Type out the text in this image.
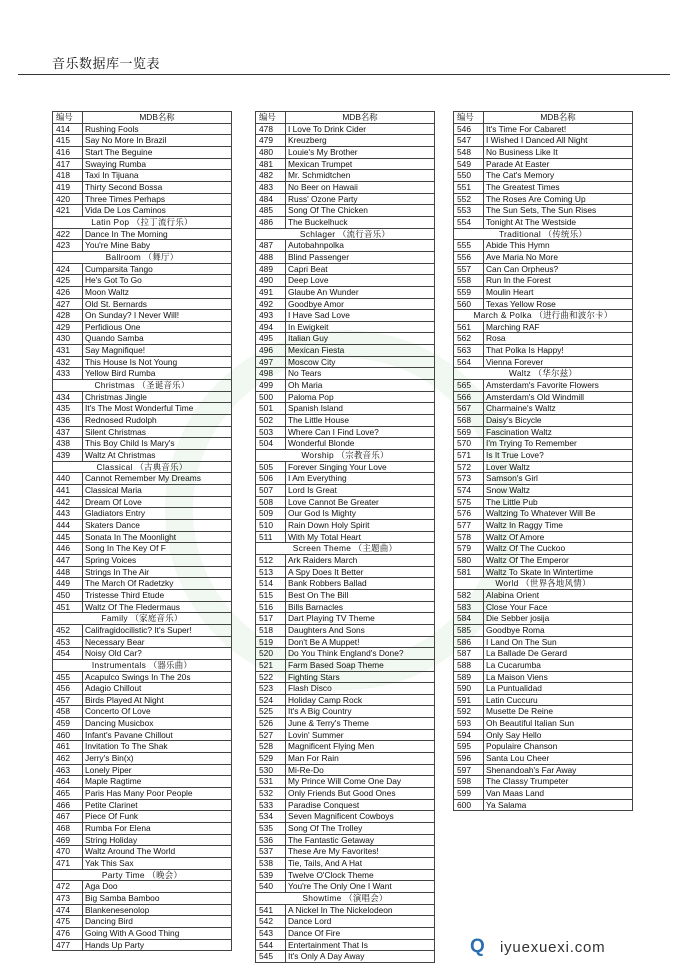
音乐数据库一览表
编号	MDB名称
414	Rushing Fools
415	Say No More In Brazil
416	Start The Beguine
417	Swaying Rumba
418	Taxi In Tijuana
419	Thirty Second Bossa
420	Three Times Perhaps
421	Vida De Los Caminos
Latin Pop （拉丁流行乐）	
422	Dance In The Morning
423	You're Mine Baby
Ballroom （舞厅）	
424	Cumparsita Tango
425	He's Got To Go
426	Moon Waltz
427	Old St. Bernards
428	On Sunday? I Never Will!
429	Perfidious One
430	Quando Samba
431	Say Magnifique!
432	This House Is Not Young
433	Yellow Bird Rumba
Christmas （圣诞音乐）	
434	Christmas Jingle
435	It's The Most Wonderful Time
436	Rednosed Rudolph
437	Silent Christmas
438	This Boy Child Is Mary's
439	Waltz At Christmas
Classical （古典音乐）	
440	Cannot Remember My Dreams
441	Classical Maria
442	Dream Of Love
443	Gladiators Entry
444	Skaters Dance
445	Sonata In The Moonlight
446	Song In The Key Of F
447	Spring Voices
448	Strings In The Air
449	The March Of Radetzky
450	Tristesse Third Etude
451	Waltz Of The Fledermaus
Family （家庭音乐）	
452	Califragidocilistic? It's Super!
453	Necessary Bear
454	Noisy Old Car?
Instrumentals （器乐曲）	
455	Acapulco Swings In The 20s
456	Adagio Chillout
457	Birds Played At Night
458	Concerto Of Love
459	Dancing Musicbox
460	Infant's Pavane Chillout
461	Invitation To The Shak
462	Jerry's Bin(x)
463	Lonely Piper
464	Maple Ragtime
465	Paris Has Many Poor People
466	Petite Clarinet
467	Piece Of Funk
468	Rumba For Elena
469	String Holiday
470	Waltz Around The World
471	Yak This Sax
Party Time （晚会）	
472	Aga Doo
473	Big Samba Bamboo
474	Blankenesenolop
475	Dancing Bird
476	Going With A Good Thing
477	Hands Up Party
编号	MDB名称
478	I Love To Drink Cider
479	Kreuzberg
480	Louie's My Brother
481	Mexican Trumpet
482	Mr. Schmidtchen
483	No Beer on Hawaii
484	Russ' Ozone Party
485	Song Of The Chicken
486	The Buckelhuck
Schlager （流行音乐）	
487	Autobahnpolka
488	Blind Passenger
489	Capri Beat
490	Deep Love
491	Glaube An Wunder
492	Goodbye Amor
493	I Have Sad Love
494	In Ewigkeit
495	Italian Guy
496	Mexican Fiesta
497	Moscow City
498	No Tears
499	Oh Maria
500	Paloma Pop
501	Spanish Island
502	The Little House
503	Where Can I Find Love?
504	Wonderful Blonde
Worship （宗教音乐）	
505	Forever Singing Your Love
506	I Am Everything
507	Lord Is Great
508	Love Cannot Be Greater
509	Our God Is Mighty
510	Rain Down Holy Spirit
511	With My Total Heart
Screen Theme （主题曲）	
512	Ark Raiders March
513	A Spy Does It Better
514	Bank Robbers Ballad
515	Best On The Bill
516	Bills Barnacles
517	Dart Playing TV Theme
518	Daughters And Sons
519	Don't Be A Muppet!
520	Do You Think England's Done?
521	Farm Based Soap Theme
522	Fighting Stars
523	Flash Disco
524	Holiday Camp Rock
525	It's A Big Country
526	June & Terry's Theme
527	Lovin' Summer
528	Magnificent Flying Men
529	Man For Rain
530	Mi-Re-Do
531	My Prince Will Come One Day
532	Only Friends But Good Ones
533	Paradise Conquest
534	Seven Magnificent Cowboys
535	Song Of The Trolley
536	The Fantastic Getaway
537	These Are My Favorites!
538	Tie, Tails, And A Hat
539	Twelve O'Clock Theme
540	You're The Only One I Want
Showtime （演唱会）	
541	A Nickel In The Nickelodeon
542	Dance Lord
543	Dance Of Fire
544	Entertainment That Is
545	It's Only A Day Away
编号	MDB名称
546	It's Time For Cabaret!
547	I Wished I Danced All Night
548	No Business Like It
549	Parade At Easter
550	The Cat's Memory
551	The Greatest Times
552	The Roses Are Coming Up
553	The Sun Sets, The Sun Rises
554	Tonight At The Westside
Traditional （传统乐）	
555	Abide This Hymn
556	Ave Maria No More
557	Can Can Orpheus?
558	Run In the Forest
559	Moulin Heart
560	Texas Yellow Rose
March & Polka （进行曲和波尔卡）	
561	Marching RAF
562	Rosa
563	That Polka Is Happy!
564	Vienna Forever
Waltz （华尔兹）	
565	Amsterdam's Favorite Flowers
566	Amsterdam's Old Windmill
567	Charmaine's Waltz
568	Daisy's Bicycle
569	Fascination Waltz
570	I'm Trying To Remember
571	Is It True Love?
572	Lover Waltz
573	Samson's Girl
574	Snow Waltz
575	The Little Pub
576	Waltzing To Whatever Will Be
577	Waltz In Raggy Time
578	Waltz Of Amore
579	Waltz Of The Cuckoo
580	Waltz Of The Emperor
581	Waltz To Skate In Wintertime
World （世界各地风情）	
582	Alabina Orient
583	Close Your Face
584	Die Sebber josija
585	Goodbye Roma
586	I Land On The Sun
587	La Ballade De Gerard
588	La Cucarumba
589	La Maison Viens
590	La Puntualidad
591	Latin Cuccuru
592	Musette De Reine
593	Oh Beautiful Italian Sun
594	Only Say Hello
595	Populaire Chanson
596	Santa Lou Cheer
597	Shenandoah's Far Away
598	The Classy Trumpeter
599	Van Maas Land
600	Ya Salama
Q iyuexuexi.com
